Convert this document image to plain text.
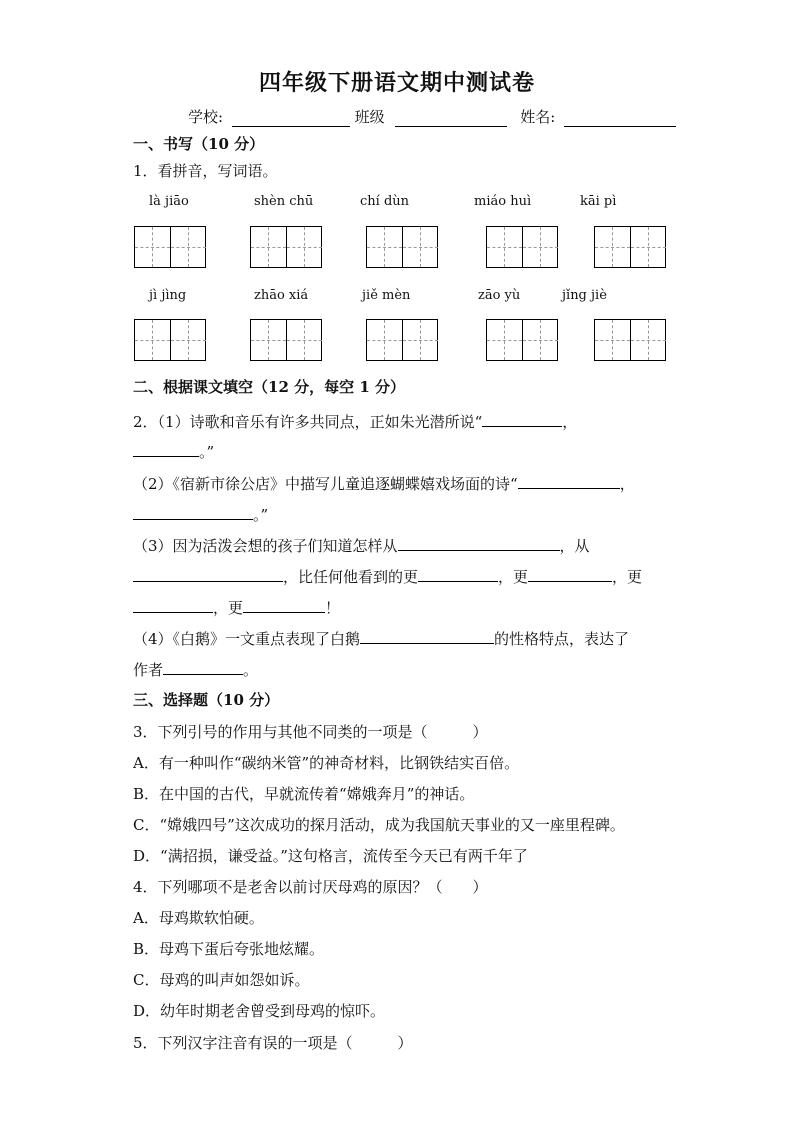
四年级下册语文期中测试卷
学校:	班级	姓名:
一、书写（10 分）
1．看拼音，写词语。
là jiāo	shèn chū	chí dùn	miáo huì	kāi pì
jì jìng	zhāo xiá	jiě mèn	zāo yù	jǐng jiè
二、根据课文填空（12 分，每空 1 分）
2．（1）诗歌和音乐有许多共同点，正如朱光潜所说“	，
。”
（2）《宿新市徐公店》中描写儿童追逐蝴蝶嬉戏场面的诗“	，
。”
（3）因为活泼会想的孩子们知道怎样从	，从
，比任何他看到的更	，更	，更
，更	！
（4）《白鹅》一文重点表现了白鹅	的性格特点，表达了
作者	。
三、选择题（10 分）
3．下列引号的作用与其他不同类的一项是（　　　）
A．有一种叫作“碳纳米管”的神奇材料，比钢铁结实百倍。
B．在中国的古代，早就流传着“嫦娥奔月”的神话。
C．“嫦娥四号”这次成功的探月活动，成为我国航天事业的又一座里程碑。
D．“满招损，谦受益。”这句格言，流传至今天已有两千年了
4．下列哪项不是老舍以前讨厌母鸡的原因？（　　）
A．母鸡欺软怕硬。
B．母鸡下蛋后夸张地炫耀。
C．母鸡的叫声如怨如诉。
D．幼年时期老舍曾受到母鸡的惊吓。
5．下列汉字注音有误的一项是（　　　）
